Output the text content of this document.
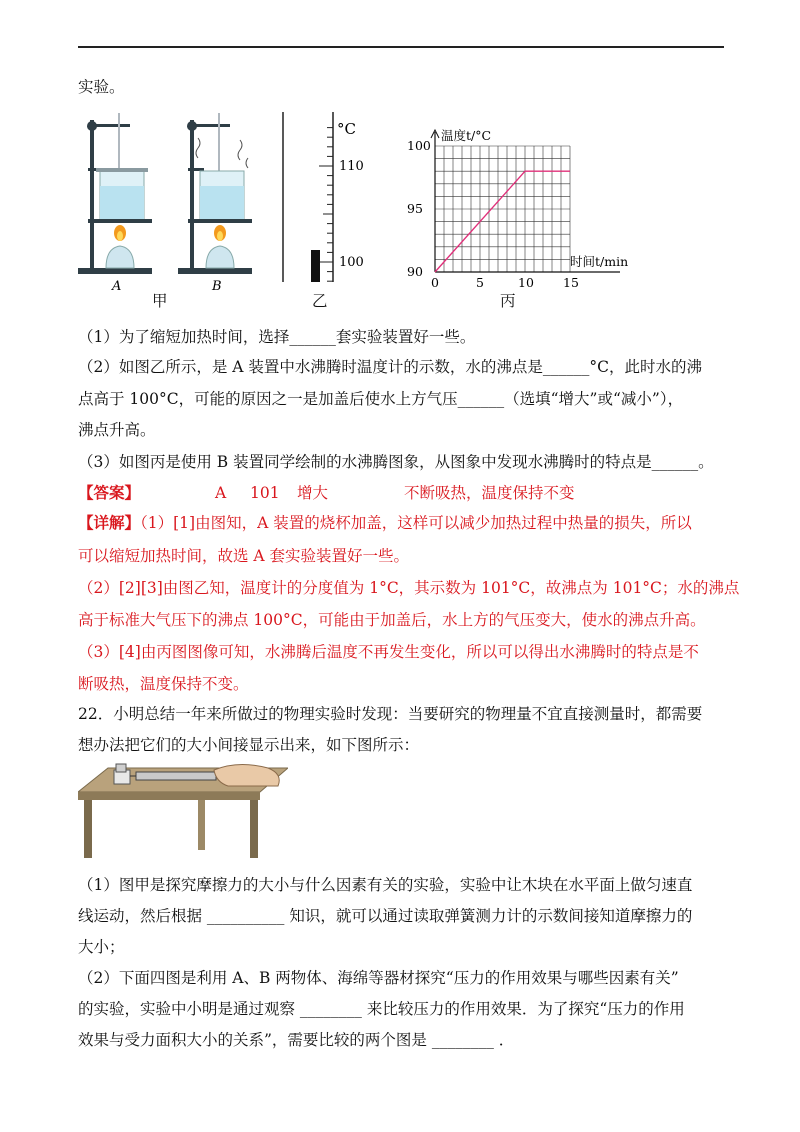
实验。
A	B
甲
°C
110
100
乙
温度t/°C
时间t/min
0	5	10 15
90
95
100
丙
（1）为了缩短加热时间，选择______套实验装置好一些。
（2）如图乙所示，是 A 装置中水沸腾时温度计的示数，水的沸点是______°C，此时水的沸
点高于 100°C，可能的原因之一是加盖后使水上方气压______（选填“增大”或“减小”），
沸点升高。
（3）如图丙是使用 B 装置同学绘制的水沸腾图象，从图象中发现水沸腾时的特点是______。
【答案】	A 101 增大	不断吸热，温度保持不变
【详解】（1）[1]由图知，A 装置的烧杯加盖，这样可以减少加热过程中热量的损失，所以
可以缩短加热时间，故选 A 套实验装置好一些。
（2）[2][3]由图乙知，温度计的分度值为 1°C，其示数为 101°C，故沸点为 101°C；水的沸点
高于标准大气压下的沸点 100°C，可能由于加盖后，水上方的气压变大，使水的沸点升高。
（3）[4]由丙图图像可知，水沸腾后温度不再发生变化，所以可以得出水沸腾时的特点是不
断吸热，温度保持不变。
22．小明总结一年来所做过的物理实验时发现：当要研究的物理量不宜直接测量时，都需要
想办法把它们的大小间接显示出来，如下图所示：
（1）图甲是探究摩擦力的大小与什么因素有关的实验，实验中让木块在水平面上做匀速直
线运动，然后根据 __________ 知识，就可以通过读取弹簧测力计的示数间接知道摩擦力的
大小；
（2）下面四图是利用 A、B 两物体、海绵等器材探究“压力的作用效果与哪些因素有关”
的实验，实验中小明是通过观察 ________ 来比较压力的作用效果．为了探究“压力的作用
效果与受力面积大小的关系”，需要比较的两个图是 ________ ．
